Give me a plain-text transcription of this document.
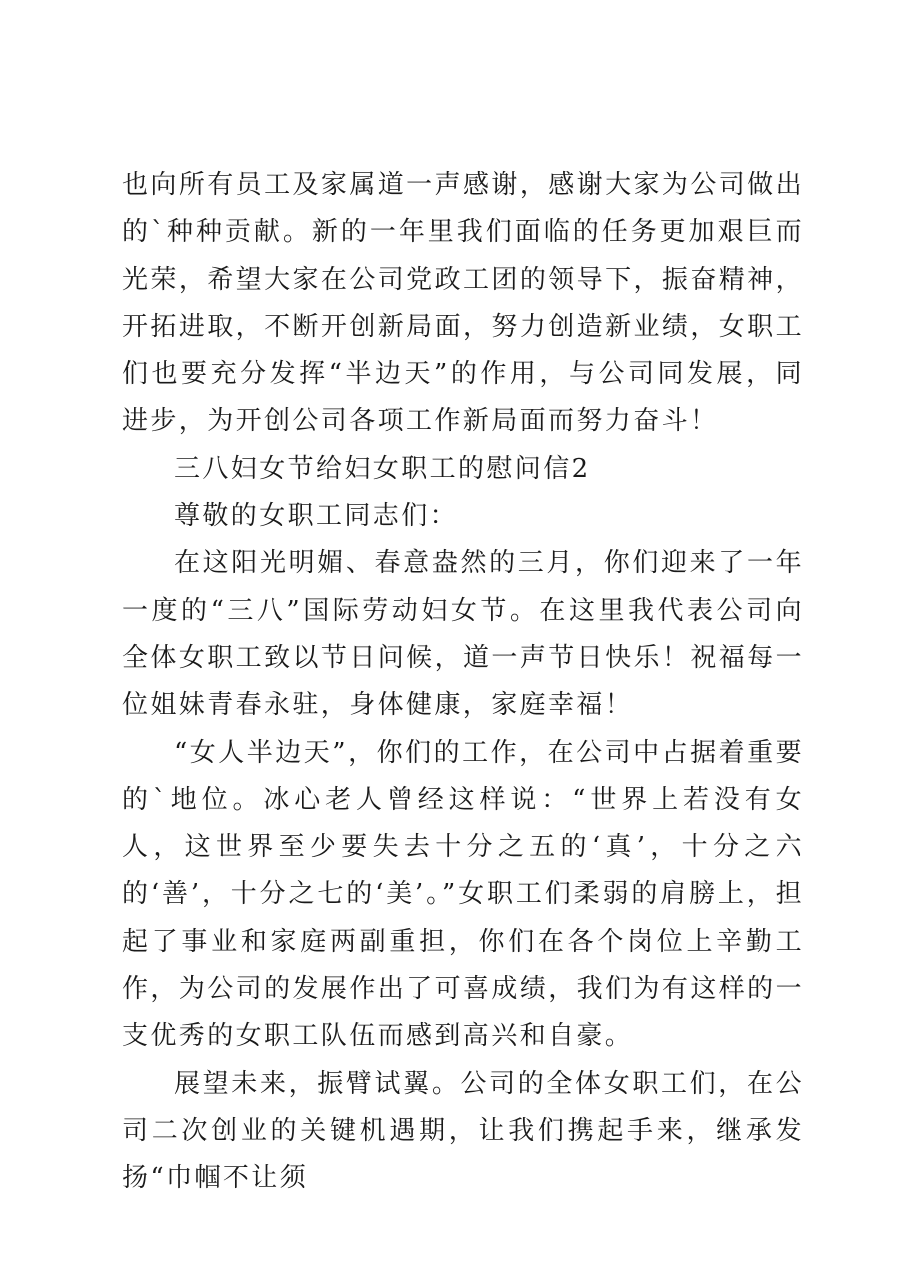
也向所有员工及家属道一声感谢，感谢大家为公司做出的`种种贡献。新的一年里我们面临的任务更加艰巨而光荣，希望大家在公司党政工团的领导下，振奋精神，开拓进取，不断开创新局面，努力创造新业绩，女职工们也要充分发挥“半边天”的作用，与公司同发展，同进步，为开创公司各项工作新局面而努力奋斗！

三八妇女节给妇女职工的慰问信2

尊敬的女职工同志们：

在这阳光明媚、春意盎然的三月，你们迎来了一年一度的“三八”国际劳动妇女节。在这里我代表公司向全体女职工致以节日问候，道一声节日快乐！祝福每一位姐妹青春永驻，身体健康，家庭幸福！

“女人半边天”，你们的工作，在公司中占据着重要的`地位。冰心老人曾经这样说：“世界上若没有女人，这世界至少要失去十分之五的‘真’，十分之六的‘善’，十分之七的‘美’。”女职工们柔弱的肩膀上，担起了事业和家庭两副重担，你们在各个岗位上辛勤工作，为公司的发展作出了可喜成绩，我们为有这样的一支优秀的女职工队伍而感到高兴和自豪。

展望未来，振臂试翼。公司的全体女职工们，在公司二次创业的关键机遇期，让我们携起手来，继承发扬“巾帼不让须
